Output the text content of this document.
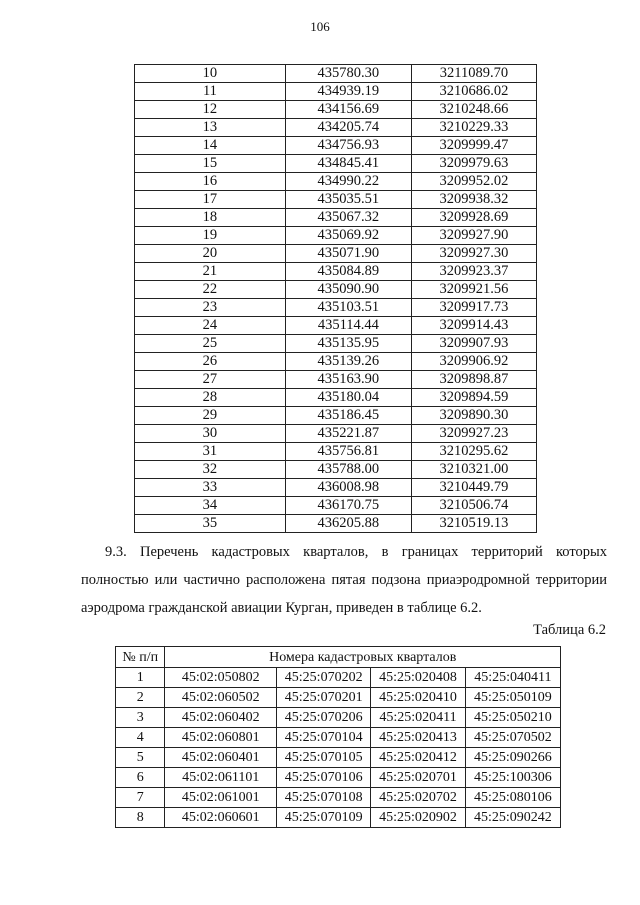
106
10	435780.30	3211089.70
11	434939.19	3210686.02
12	434156.69	3210248.66
13	434205.74	3210229.33
14	434756.93	3209999.47
15	434845.41	3209979.63
16	434990.22	3209952.02
17	435035.51	3209938.32
18	435067.32	3209928.69
19	435069.92	3209927.90
20	435071.90	3209927.30
21	435084.89	3209923.37
22	435090.90	3209921.56
23	435103.51	3209917.73
24	435114.44	3209914.43
25	435135.95	3209907.93
26	435139.26	3209906.92
27	435163.90	3209898.87
28	435180.04	3209894.59
29	435186.45	3209890.30
30	435221.87	3209927.23
31	435756.81	3210295.62
32	435788.00	3210321.00
33	436008.98	3210449.79
34	436170.75	3210506.74
35	436205.88	3210519.13
9.3. Перечень кадастровых кварталов, в границах территорий которых
полностью или частично расположена пятая подзона приаэродромной территории
аэродрома гражданской авиации Курган, приведен в таблице 6.2.
Таблица 6.2
№ п/п	Номера кадастровых кварталов			
1	45:02:050802	45:25:070202	45:25:020408	45:25:040411
2	45:02:060502	45:25:070201	45:25:020410	45:25:050109
3	45:02:060402	45:25:070206	45:25:020411	45:25:050210
4	45:02:060801	45:25:070104	45:25:020413	45:25:070502
5	45:02:060401	45:25:070105	45:25:020412	45:25:090266
6	45:02:061101	45:25:070106	45:25:020701	45:25:100306
7	45:02:061001	45:25:070108	45:25:020702	45:25:080106
8	45:02:060601	45:25:070109	45:25:020902	45:25:090242
